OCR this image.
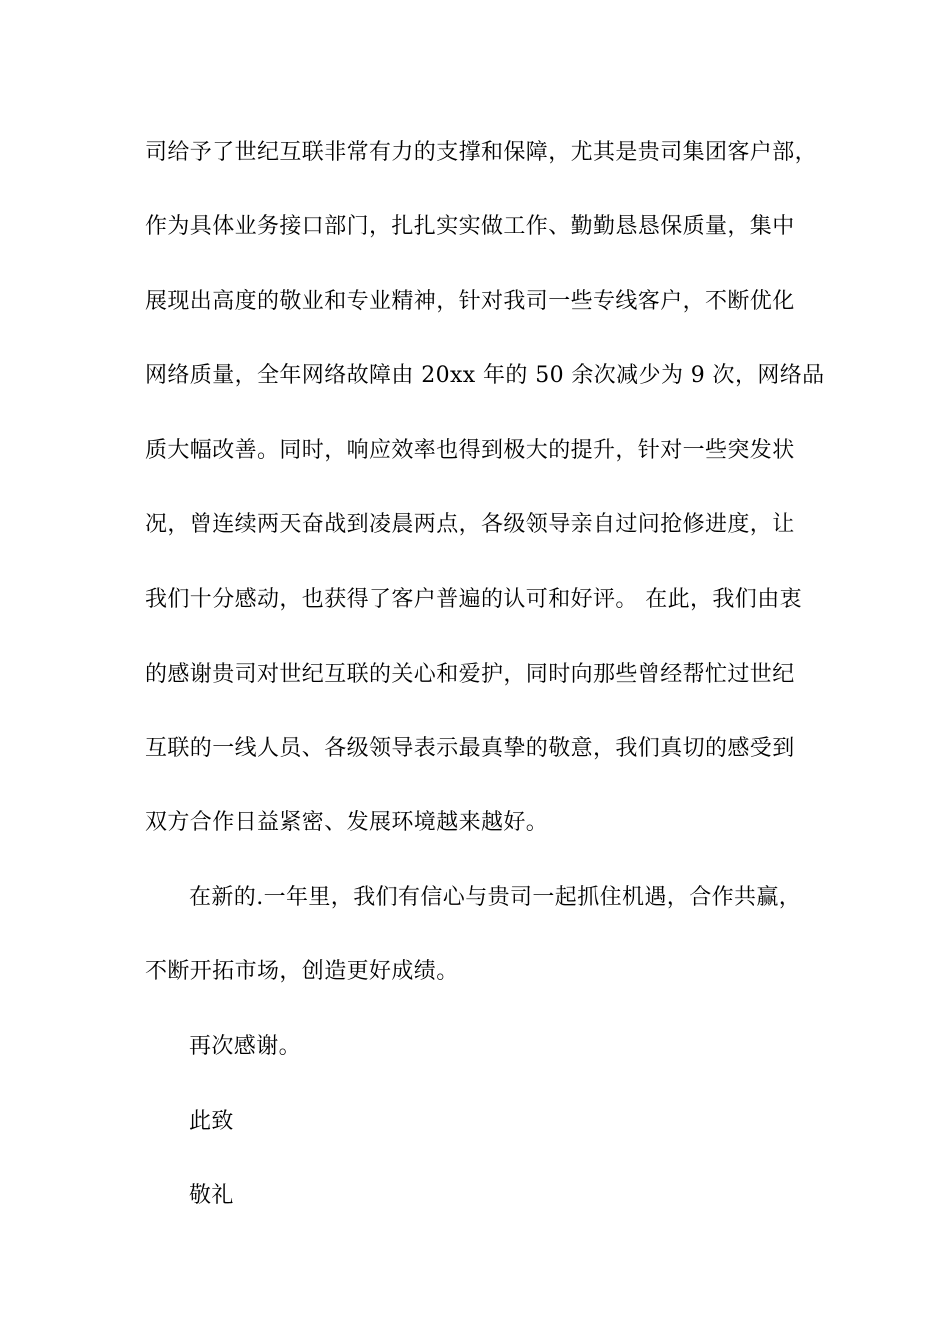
司给予了世纪互联非常有力的支撑和保障，尤其是贵司集团客户部，
作为具体业务接口部门，扎扎实实做工作、勤勤恳恳保质量，集中
展现出高度的敬业和专业精神，针对我司一些专线客户，不断优化
网络质量，全年网络故障由 20xx 年的 50 余次减少为 9 次，网络品
质大幅改善。同时，响应效率也得到极大的提升，针对一些突发状
况，曾连续两天奋战到凌晨两点，各级领导亲自过问抢修进度，让
我们十分感动，也获得了客户普遍的认可和好评。 在此，我们由衷
的感谢贵司对世纪互联的关心和爱护，同时向那些曾经帮忙过世纪
互联的一线人员、各级领导表示最真挚的敬意，我们真切的感受到
双方合作日益紧密、发展环境越来越好。
在新的.一年里，我们有信心与贵司一起抓住机遇，合作共赢，
不断开拓市场，创造更好成绩。
再次感谢。
此致
敬礼
